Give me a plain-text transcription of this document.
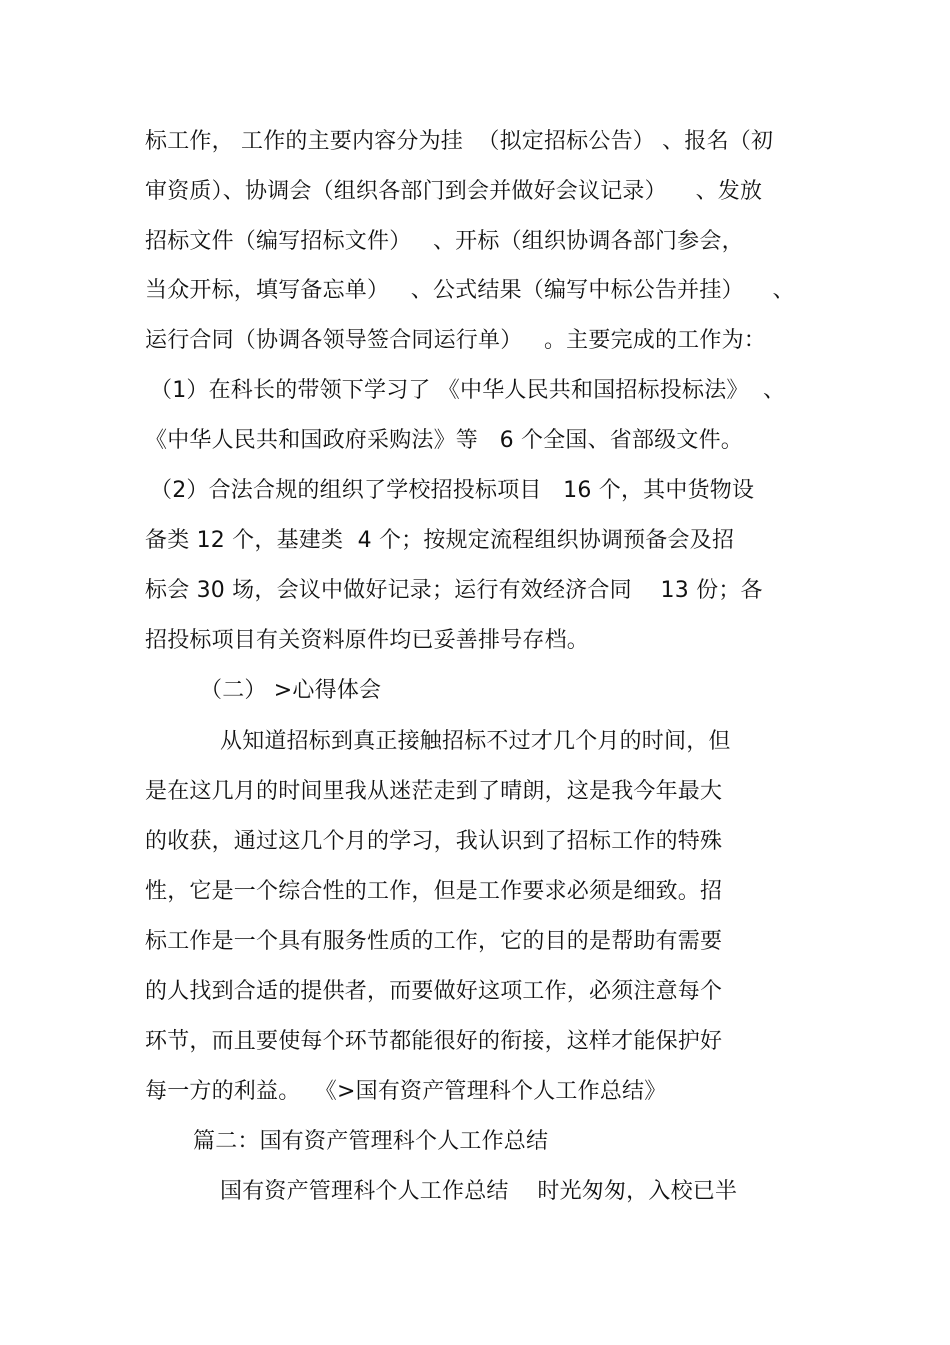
标工作， 工作的主要内容分为挂  （拟定招标公告） 、报名（初
审资质）、协调会（组织各部门到会并做好会议记录）    、发放
招标文件（编写招标文件）   、开标（组织协调各部门参会，
当众开标，填写备忘单）   、公式结果（编写中标公告并挂）    、
运行合同（协调各领导签合同运行单）   。主要完成的工作为：
（1）在科长的带领下学习了 《中华人民共和国招标投标法》  、
《中华人民共和国政府采购法》等   6 个全国、省部级文件。
（2）合法合规的组织了学校招投标项目   16 个，其中货物设
备类 12 个，基建类  4 个；按规定流程组织协调预备会及招
标会 30 场，会议中做好记录；运行有效经济合同    13 份；各
招投标项目有关资料原件均已妥善排号存档。
（二） >心得体会
从知道招标到真正接触招标不过才几个月的时间，但
是在这几月的时间里我从迷茫走到了晴朗，这是我今年最大
的收获，通过这几个月的学习，我认识到了招标工作的特殊
性，它是一个综合性的工作，但是工作要求必须是细致。招
标工作是一个具有服务性质的工作，它的目的是帮助有需要
的人找到合适的提供者，而要做好这项工作，必须注意每个
环节，而且要使每个环节都能很好的衔接，这样才能保护好
每一方的利益。  《>国有资产管理科个人工作总结》
篇二：国有资产管理科个人工作总结
国有资产管理科个人工作总结    时光匆匆，入校已半
